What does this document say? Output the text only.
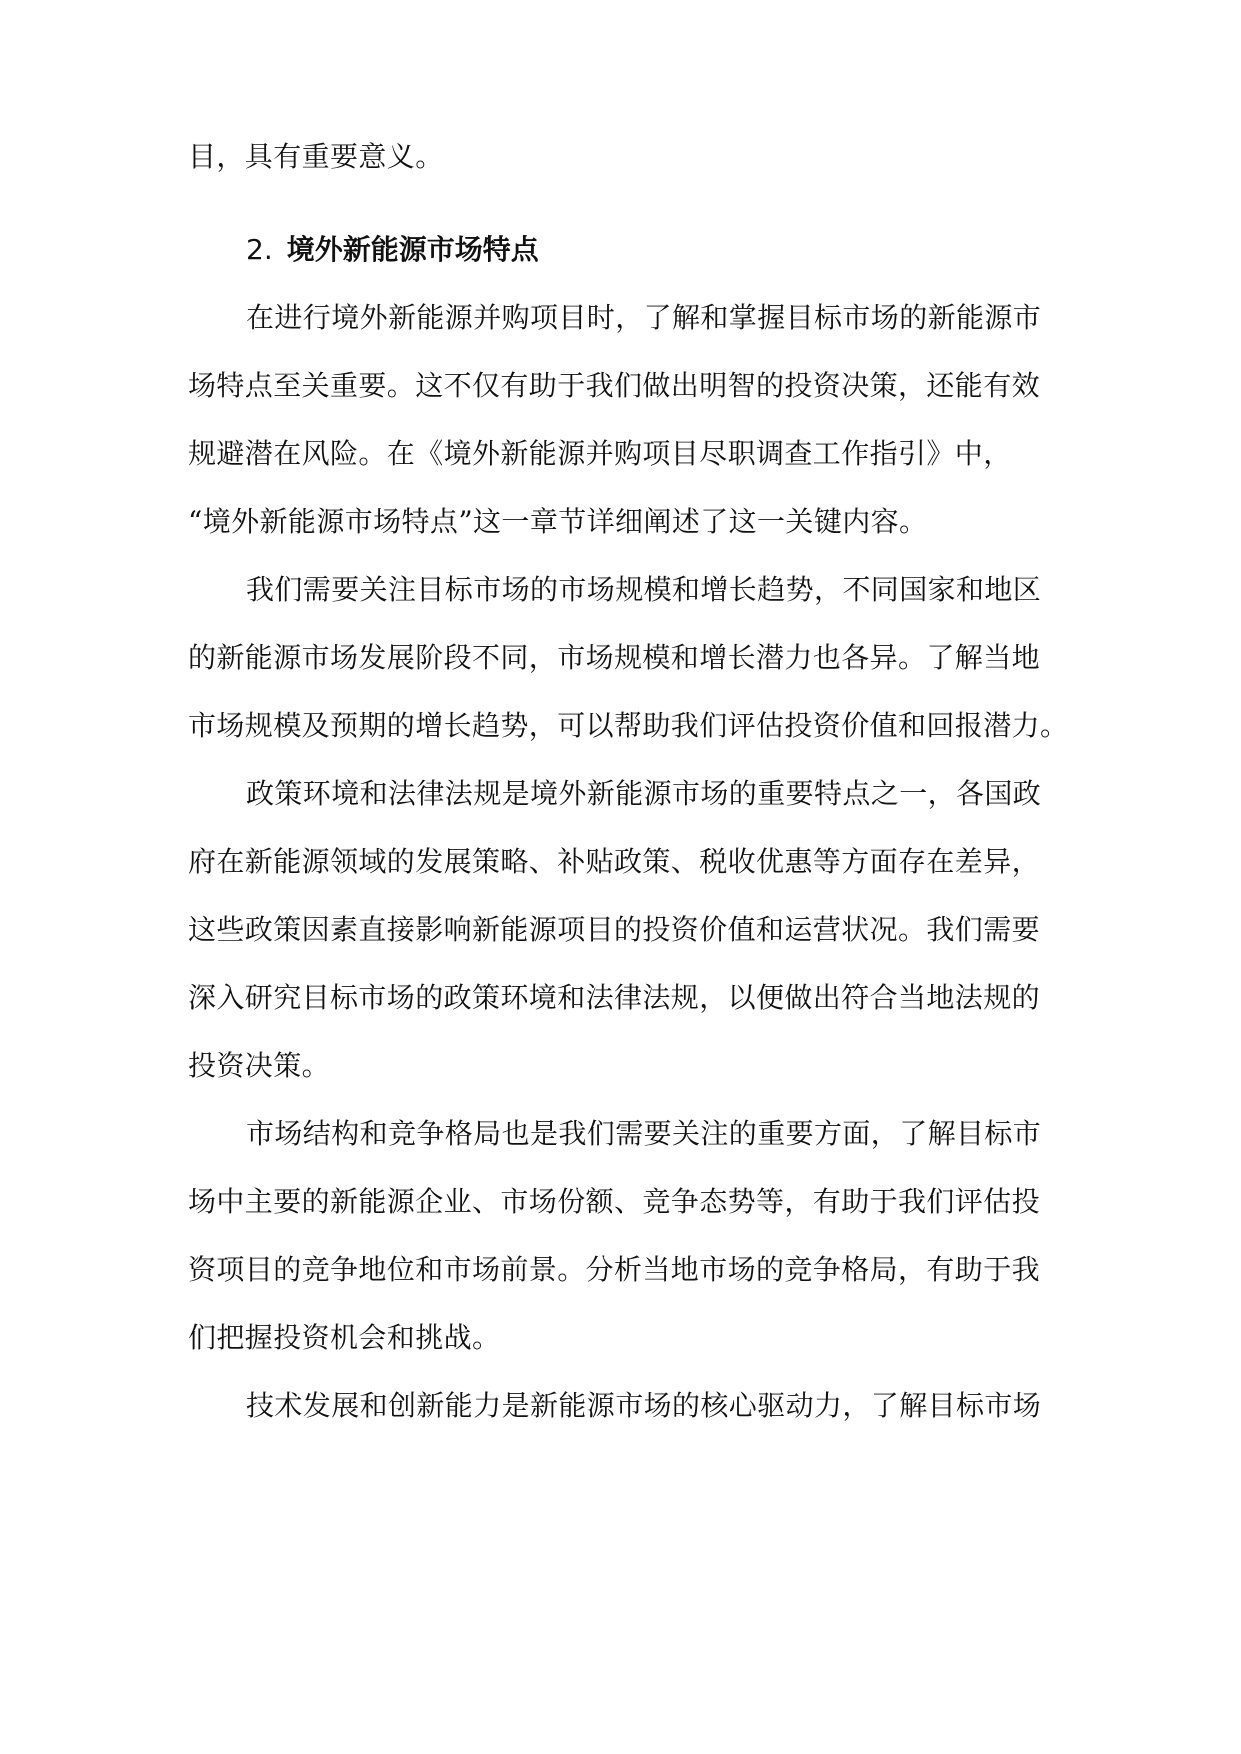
目，具有重要意义。
2. 境外新能源市场特点
在进行境外新能源并购项目时，了解和掌握目标市场的新能源市
场特点至关重要。这不仅有助于我们做出明智的投资决策，还能有效
规避潜在风险。在《境外新能源并购项目尽职调查工作指引》中，
“境外新能源市场特点”这一章节详细阐述了这一关键内容。
我们需要关注目标市场的市场规模和增长趋势，不同国家和地区
的新能源市场发展阶段不同，市场规模和增长潜力也各异。了解当地
市场规模及预期的增长趋势，可以帮助我们评估投资价值和回报潜力。
政策环境和法律法规是境外新能源市场的重要特点之一，各国政
府在新能源领域的发展策略、补贴政策、税收优惠等方面存在差异，
这些政策因素直接影响新能源项目的投资价值和运营状况。我们需要
深入研究目标市场的政策环境和法律法规，以便做出符合当地法规的
投资决策。
市场结构和竞争格局也是我们需要关注的重要方面，了解目标市
场中主要的新能源企业、市场份额、竞争态势等，有助于我们评估投
资项目的竞争地位和市场前景。分析当地市场的竞争格局，有助于我
们把握投资机会和挑战。
技术发展和创新能力是新能源市场的核心驱动力，了解目标市场
